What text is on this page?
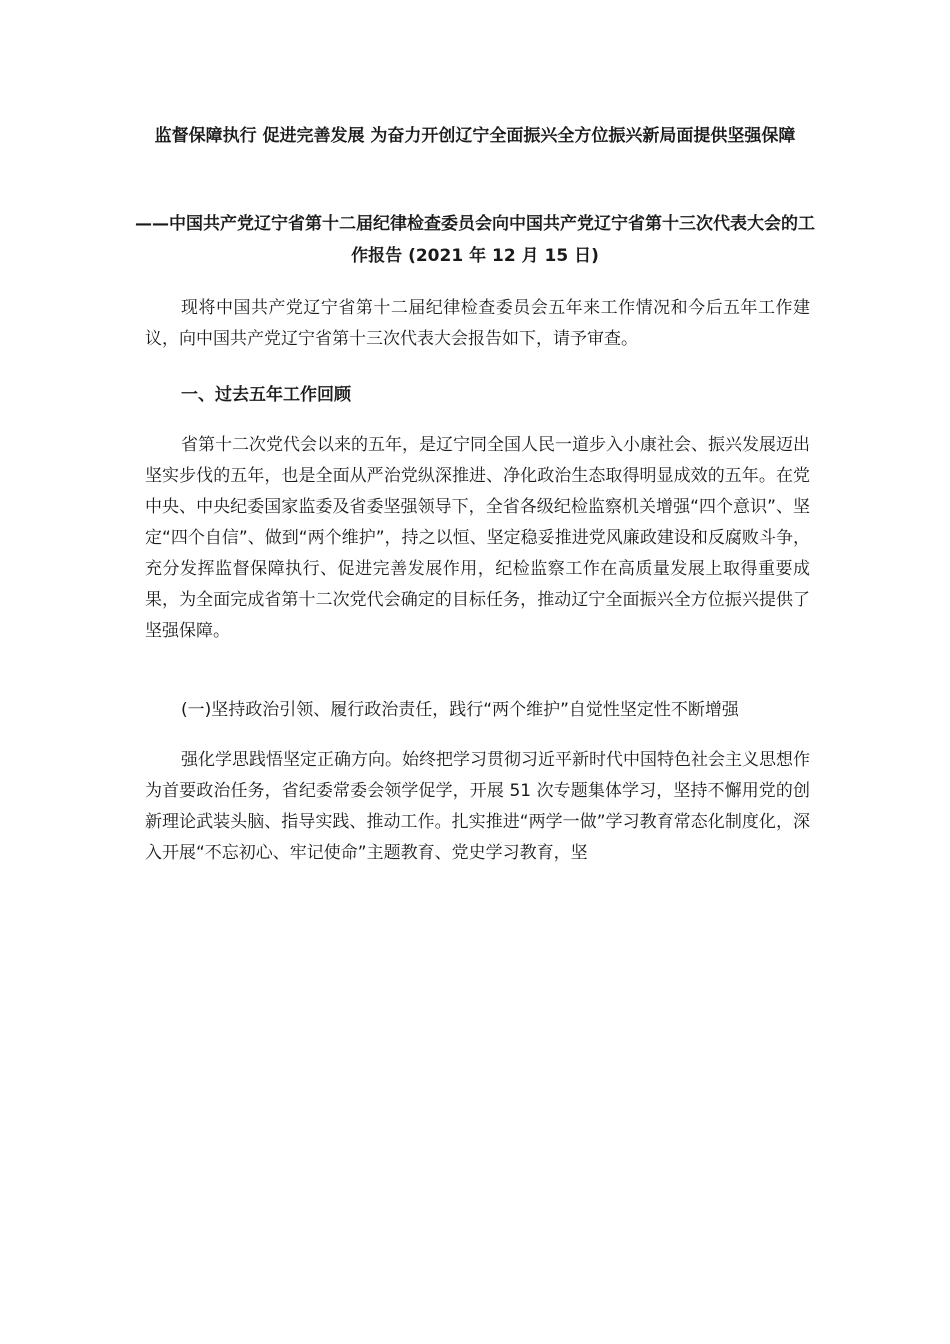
监督保障执行 促进完善发展 为奋力开创辽宁全面振兴全方位振兴新局面提供坚强保障

——中国共产党辽宁省第十二届纪律检查委员会向中国共产党辽宁省第十三次代表大会的工作报告 (2021 年 12 月 15 日)

现将中国共产党辽宁省第十二届纪律检查委员会五年来工作情况和今后五年工作建议，向中国共产党辽宁省第十三次代表大会报告如下，请予审查。

一、过去五年工作回顾

省第十二次党代会以来的五年，是辽宁同全国人民一道步入小康社会、振兴发展迈出坚实步伐的五年，也是全面从严治党纵深推进、净化政治生态取得明显成效的五年。在党中央、中央纪委国家监委及省委坚强领导下，全省各级纪检监察机关增强“四个意识”、坚定“四个自信”、做到“两个维护”，持之以恒、坚定稳妥推进党风廉政建设和反腐败斗争，充分发挥监督保障执行、促进完善发展作用，纪检监察工作在高质量发展上取得重要成果，为全面完成省第十二次党代会确定的目标任务，推动辽宁全面振兴全方位振兴提供了坚强保障。

(一)坚持政治引领、履行政治责任，践行“两个维护”自觉性坚定性不断增强

强化学思践悟坚定正确方向。始终把学习贯彻习近平新时代中国特色社会主义思想作为首要政治任务，省纪委常委会领学促学，开展 51 次专题集体学习，坚持不懈用党的创新理论武装头脑、指导实践、推动工作。扎实推进“两学一做”学习教育常态化制度化，深入开展“不忘初心、牢记使命”主题教育、党史学习教育，坚
